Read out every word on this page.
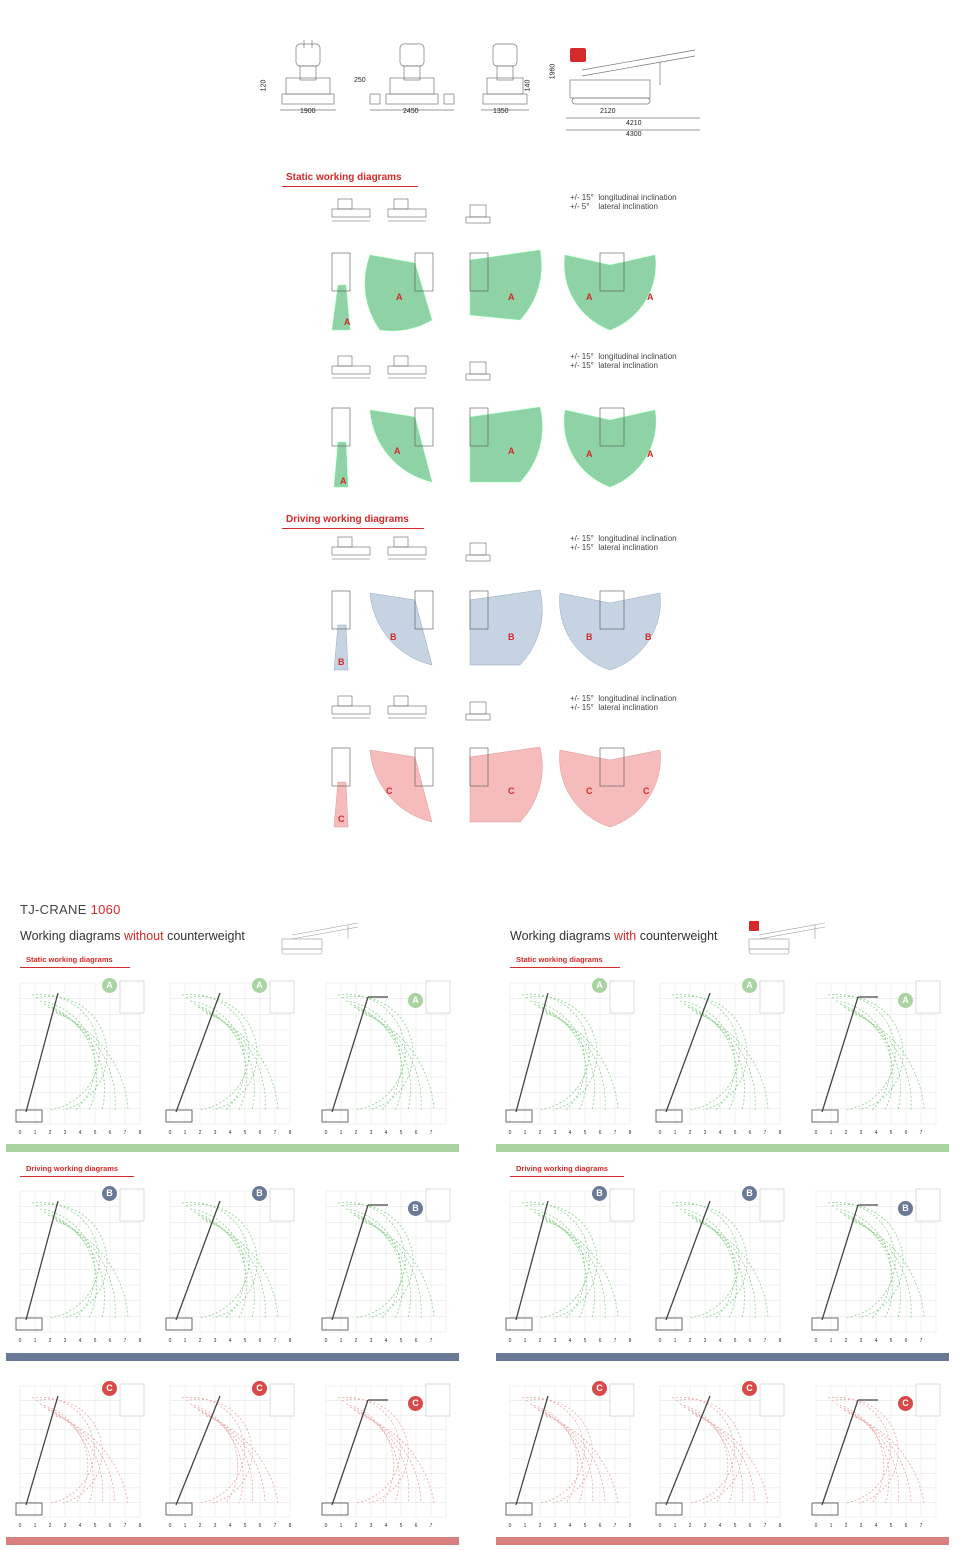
1900
120
2450
250
1350
140
1960
2120
4210
4300
Static working diagrams
+/- 15°  longitudinal inclination
+/- 5°    lateral inclination
A
A	A	A	A
+/- 15°  longitudinal inclination
+/- 15°  lateral inclination
A
A	A	A	A
Driving working diagrams
+/- 15°  longitudinal inclination
+/- 15°  lateral inclination
B
B	B	B	B
+/- 15°  longitudinal inclination
+/- 15°  lateral inclination
C
C	C	C	C
TJ-CRANE 1060
Working diagrams without counterweight	Working diagrams with counterweight
Static working diagrams	Static working diagrams
Driving working diagrams	Driving working diagrams
0 1 2 3 4 5 6 7 8
A
0 1 2 3 4 5 6 7 8
A
0 1 2 3 4 5 6 7
A
0 1 2 3 4 5 6 7 8
A
0 1 2 3 4 5 6 7 8
A
0 1 2 3 4 5 6 7
A
0 1 2 3 4 5 6 7 8
B
0 1 2 3 4 5 6 7 8
B
0 1 2 3 4 5 6 7
B
0 1 2 3 4 5 6 7 8
B
0 1 2 3 4 5 6 7 8
B
0 1 2 3 4 5 6 7
B
0 1 2 3 4 5 6 7 8
C
0 1 2 3 4 5 6 7 8
C
0 1 2 3 4 5 6 7
C
0 1 2 3 4 5 6 7 8
C
0 1 2 3 4 5 6 7 8
C
0 1 2 3 4 5 6 7
C
